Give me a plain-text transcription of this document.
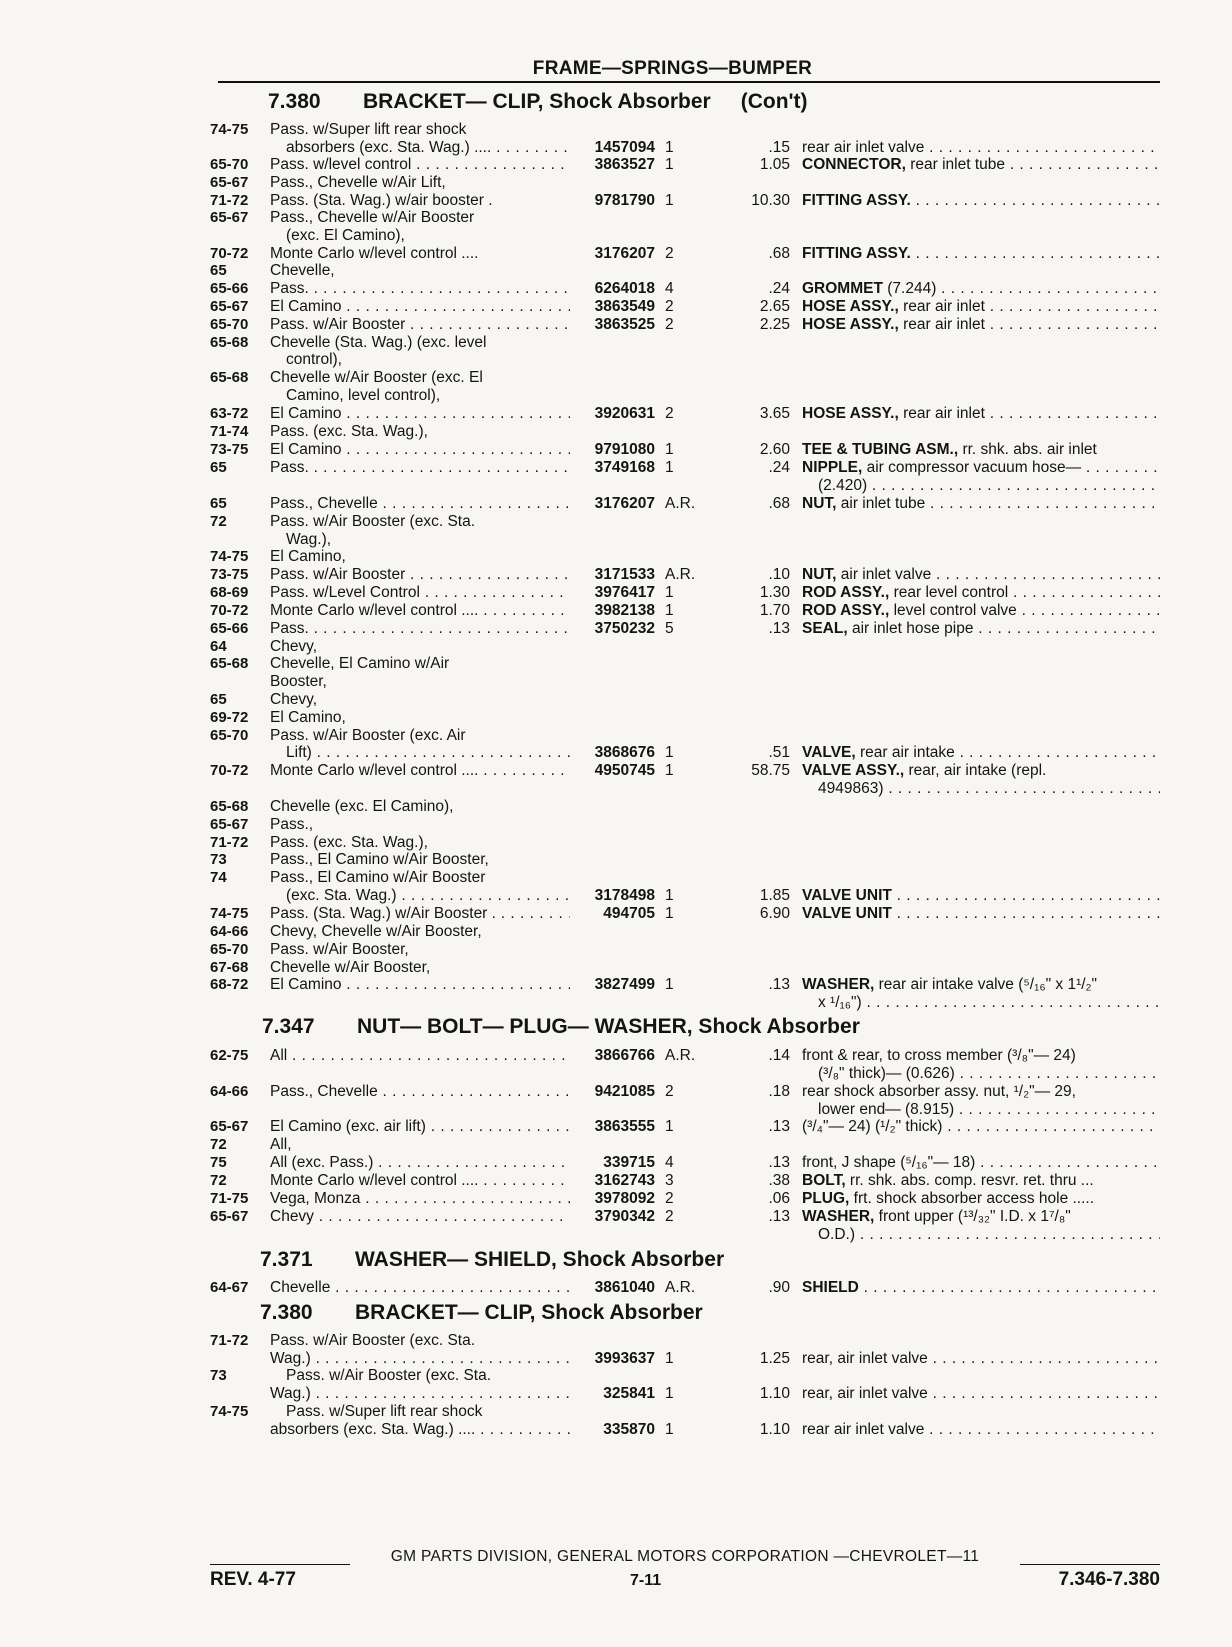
FRAME—SPRINGS—BUMPER
7.380 BRACKET— CLIP, Shock Absorber (Con't)
7.347 NUT— BOLT— PLUG— WASHER, Shock Absorber
7.371 WASHER— SHIELD, Shock Absorber
7.380 BRACKET— CLIP, Shock Absorber
74-75	Pass. w/Super lift rear shock
absorbers (exc. Sta. Wag.) .... . . .	1457094 1	.15 rear air inlet valve . . .
65-70	Pass. w/level control . . .	3863527 1	1.05 CONNECTOR, rear inlet tube . . .
65-67	Pass., Chevelle w/Air Lift,
71-72	Pass. (Sta. Wag.) w/air booster .	9781790 1	10.30 FITTING ASSY. . . .
65-67	Pass., Chevelle w/Air Booster
(exc. El Camino),
70-72	Monte Carlo w/level control ....	3176207 2	.68 FITTING ASSY. . . .
65	Chevelle,
65-66	Pass. . . .	6264018 4	.24 GROMMET (7.244) . . .
65-67	El Camino . . .	3863549 2	2.65 HOSE ASSY., rear air inlet . . .
65-70	Pass. w/Air Booster . . .	3863525 2	2.25 HOSE ASSY., rear air inlet . . .
65-68	Chevelle (Sta. Wag.) (exc. level
control),
65-68	Chevelle w/Air Booster (exc. El
Camino, level control),
63-72	El Camino . . .	3920631 2	3.65 HOSE ASSY., rear air inlet . . .
71-74	Pass. (exc. Sta. Wag.),
73-75	El Camino . . .	9791080 1	2.60 TEE & TUBING ASM., rr. shk. abs. air inlet
65	Pass. . . .	3749168 1	.24 NIPPLE, air compressor vacuum hose— . . .
(2.420) . . .
65	Pass., Chevelle . . .	3176207 A.R.	.68 NUT, air inlet tube . . .
72	Pass. w/Air Booster (exc. Sta.
Wag.),
74-75	El Camino,
73-75	Pass. w/Air Booster . . .	3171533 A.R.	.10 NUT, air inlet valve . . .
68-69	Pass. w/Level Control . . .	3976417 1	1.30 ROD ASSY., rear level control . . .
70-72	Monte Carlo w/level control .... . . .	3982138 1	1.70 ROD ASSY., level control valve . . .
65-66	Pass. . . .	3750232 5	.13 SEAL, air inlet hose pipe . . .
64	Chevy,
65-68	Chevelle, El Camino w/Air
Booster,
65	Chevy,
69-72	El Camino,
65-70	Pass. w/Air Booster (exc. Air
Lift) . . .	3868676 1	.51 VALVE, rear air intake . . .
70-72	Monte Carlo w/level control .... . . .	4950745 1	58.75 VALVE ASSY., rear, air intake (repl.
4949863) . . .
65-68	Chevelle (exc. El Camino),
65-67	Pass.,
71-72	Pass. (exc. Sta. Wag.),
73	Pass., El Camino w/Air Booster,
74	Pass., El Camino w/Air Booster
(exc. Sta. Wag.) . . .	3178498 1	1.85 VALVE UNIT . . .
74-75	Pass. (Sta. Wag.) w/Air Booster . . . .	494705 1	6.90 VALVE UNIT . . .
64-66	Chevy, Chevelle w/Air Booster,
65-70	Pass. w/Air Booster,
67-68	Chevelle w/Air Booster,
68-72	El Camino . . .	3827499 1	.13 WASHER, rear air intake valve (⁵/₁₆" x 1¹/₂"
x ¹/₁₆") . . .
62-75	All . . .	3866766 A.R.	.14 front & rear, to cross member (³/₈"— 24)
(³/₈" thick)— (0.626) . . .
64-66	Pass., Chevelle . . .	9421085 2	.18 rear shock absorber assy. nut, ¹/₂"— 29,
lower end— (8.915) . . .
65-67	El Camino (exc. air lift) . . .	3863555 1	.13 (³/₄"— 24) (¹/₂" thick) . . .
72	All,
75	All (exc. Pass.) . . .	339715 4	.13 front, J shape (⁵/₁₆"— 18) . . .
72	Monte Carlo w/level control .... . . .	3162743 3	.38 BOLT, rr. shk. abs. comp. resvr. ret. thru ...
71-75	Vega, Monza . . .	3978092 2	.06 PLUG, frt. shock absorber access hole .....
65-67	Chevy . . .	3790342 2	.13 WASHER, front upper (¹³/₃₂" I.D. x 1⁷/₈"
O.D.) . . .
64-67	Chevelle . . .	3861040 A.R.	.90 SHIELD . . .
71-72	Pass. w/Air Booster (exc. Sta.
Wag.) . . .	3993637 1	1.25 rear, air inlet valve . . .
73	Pass. w/Air Booster (exc. Sta.
Wag.) . . .	325841 1	1.10 rear, air inlet valve . . .
74-75	Pass. w/Super lift rear shock
absorbers (exc. Sta. Wag.) .... . . .	335870 1	1.10 rear air inlet valve . . .
GM PARTS DIVISION, GENERAL MOTORS CORPORATION —CHEVROLET—11
REV. 4-77	7-11	7.346-7.380
